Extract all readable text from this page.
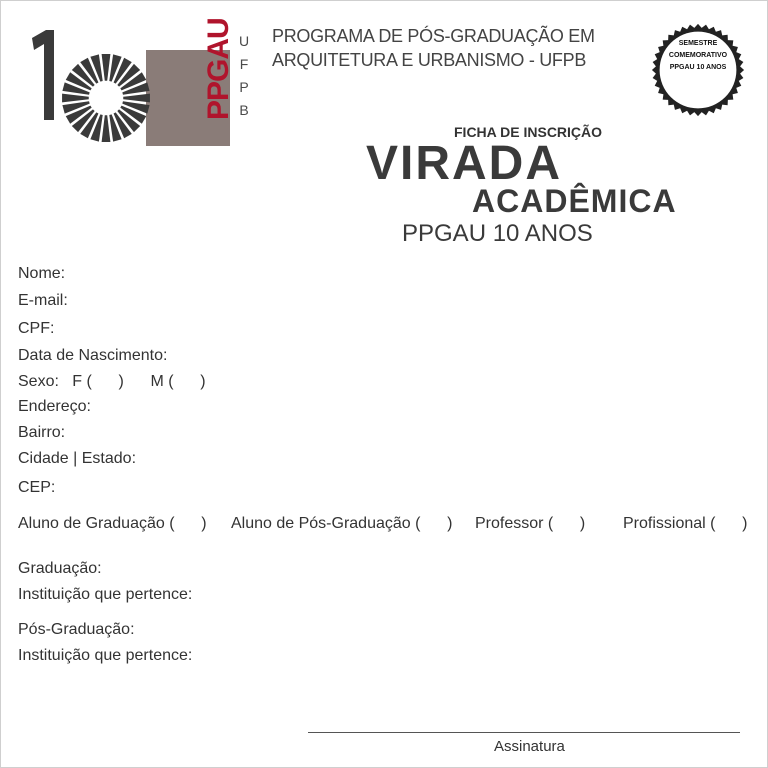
PPGAU U
F
P
B
PROGRAMA DE PÓS-GRADUAÇÃO EM
ARQUITETURA E URBANISMO - UFPB
SEMESTRE
COMEMORATIVO
PPGAU 10 ANOS
FICHA DE INSCRIÇÃO
VIRADA
ACADÊMICA
PPGAU 10 ANOS
Nome:
E-mail:
CPF:
Data de Nascimento:
Sexo:   F (      )      M (      )
Endereço:
Bairro:
Cidade | Estado:
CEP:
Aluno de Graduação (      ) Aluno de Pós-Graduação (      ) Professor (      ) Profissional (      )
Graduação:
Instituição que pertence:
Pós-Graduação:
Instituição que pertence:
Assinatura
